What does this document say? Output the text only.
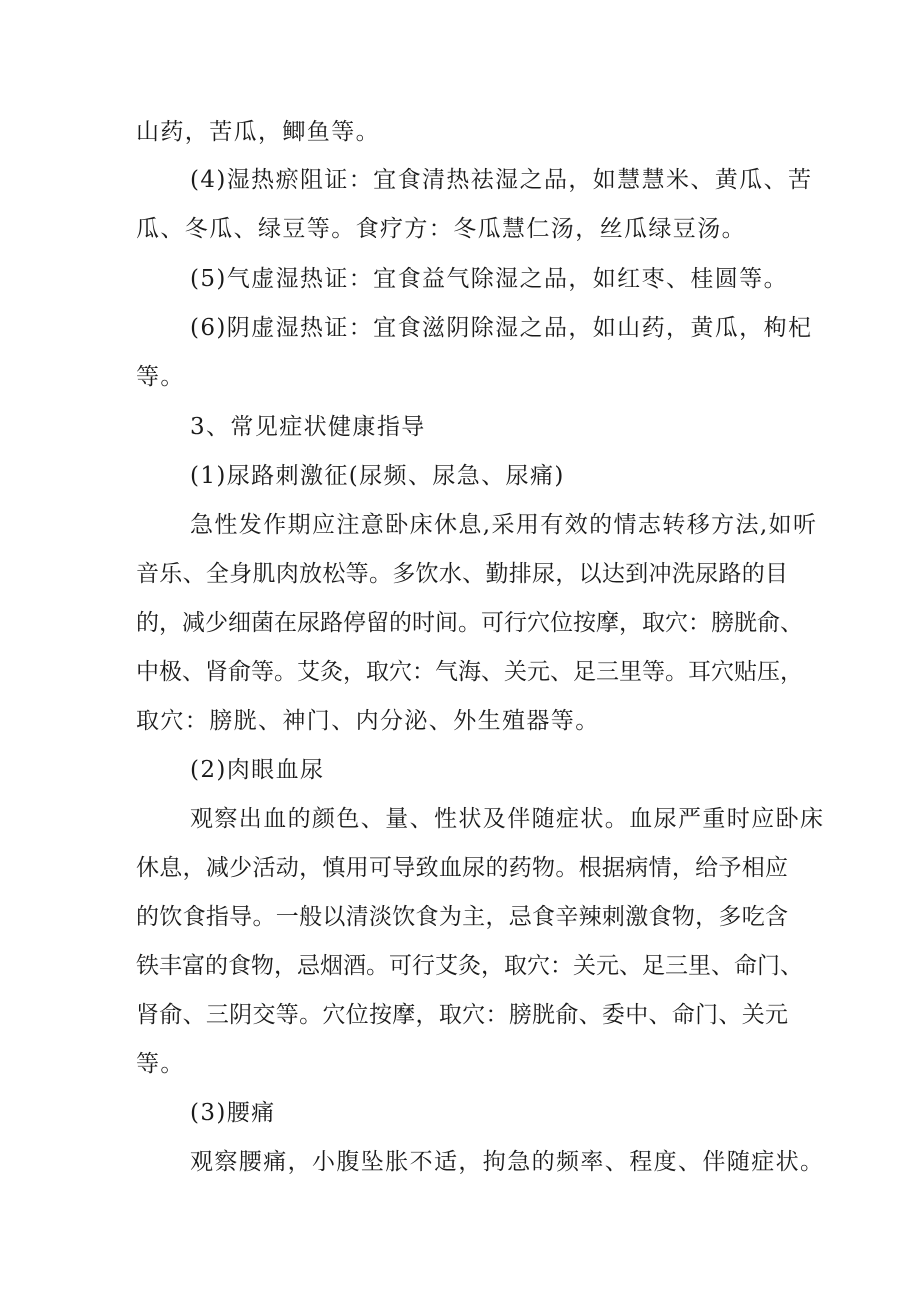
山药，苦瓜，鲫鱼等。
(4)湿热瘀阻证：宜食清热祛湿之品，如慧慧米、黄瓜、苦
瓜、冬瓜、绿豆等。食疗方：冬瓜慧仁汤，丝瓜绿豆汤。
(5)气虚湿热证：宜食益气除湿之品，如红枣、桂圆等。
(6)阴虚湿热证：宜食滋阴除湿之品，如山药，黄瓜，枸杞
等。
3、常见症状健康指导
(1)尿路刺激征(尿频、尿急、尿痛)
急性发作期应注意卧床休息,采用有效的情志转移方法,如听
音乐、全身肌肉放松等。多饮水、勤排尿，以达到冲洗尿路的目
的，减少细菌在尿路停留的时间。可行穴位按摩，取穴：膀胱俞、
中极、肾俞等。艾灸，取穴：气海、关元、足三里等。耳穴贴压，
取穴：膀胱、神门、内分泌、外生殖器等。
(2)肉眼血尿
观察出血的颜色、量、性状及伴随症状。血尿严重时应卧床
休息，减少活动，慎用可导致血尿的药物。根据病情，给予相应
的饮食指导。一般以清淡饮食为主，忌食辛辣刺激食物，多吃含
铁丰富的食物，忌烟酒。可行艾灸，取穴：关元、足三里、命门、
肾俞、三阴交等。穴位按摩，取穴：膀胱俞、委中、命门、关元
等。
(3)腰痛
观察腰痛，小腹坠胀不适，拘急的频率、程度、伴随症状。
